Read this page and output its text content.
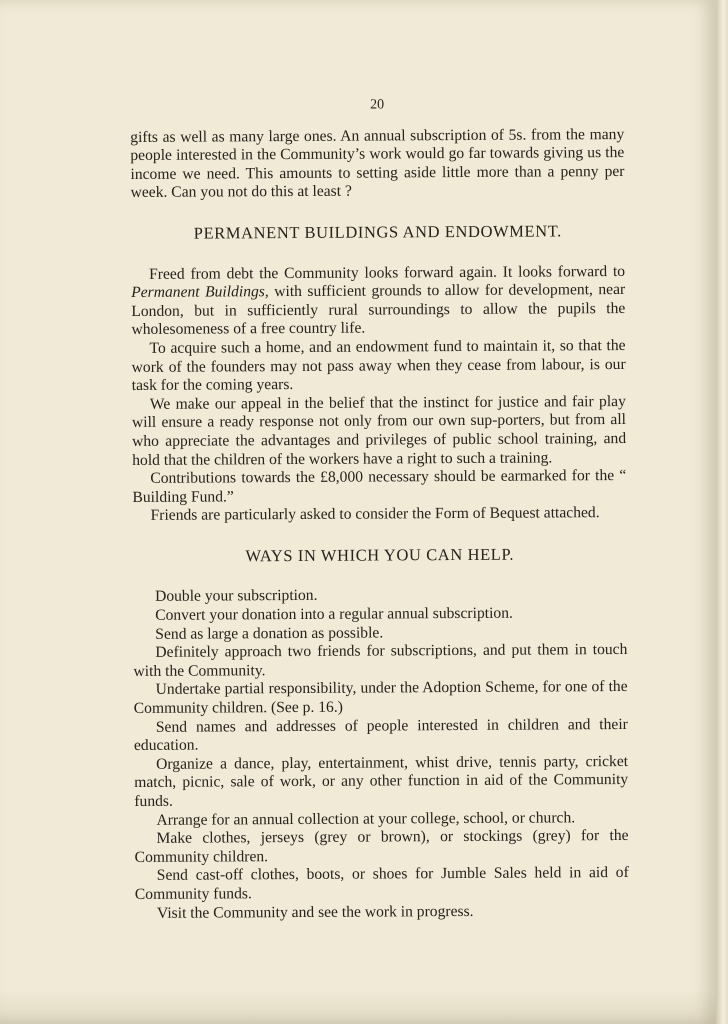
20

gifts as well as many large ones. An annual subscription of 5s. from the many people interested in the Community’s work would go far towards giving us the income we need. This amounts to setting aside little more than a penny per week. Can you not do this at least ?

PERMANENT BUILDINGS AND ENDOWMENT.

Freed from debt the Community looks forward again. It looks forward to Permanent Buildings, with sufficient grounds to allow for development, near London, but in sufficiently rural surroundings to allow the pupils the wholesomeness of a free country life.

To acquire such a home, and an endowment fund to maintain it, so that the work of the founders may not pass away when they cease from labour, is our task for the coming years.

We make our appeal in the belief that the instinct for justice and fair play will ensure a ready response not only from our own sup-porters, but from all who appreciate the advantages and privileges of public school training, and hold that the children of the workers have a right to such a training.

Contributions towards the £8,000 necessary should be earmarked for the “ Building Fund.”

Friends are particularly asked to consider the Form of Bequest attached.

WAYS IN WHICH YOU CAN HELP.

Double your subscription.

Convert your donation into a regular annual subscription.

Send as large a donation as possible.

Definitely approach two friends for subscriptions, and put them in touch with the Community.

Undertake partial responsibility, under the Adoption Scheme, for one of the Community children. (See p. 16.)

Send names and addresses of people interested in children and their education.

Organize a dance, play, entertainment, whist drive, tennis party, cricket match, picnic, sale of work, or any other function in aid of the Community funds.

Arrange for an annual collection at your college, school, or church.

Make clothes, jerseys (grey or brown), or stockings (grey) for the Community children.

Send cast-off clothes, boots, or shoes for Jumble Sales held in aid of Community funds.

Visit the Community and see the work in progress.
